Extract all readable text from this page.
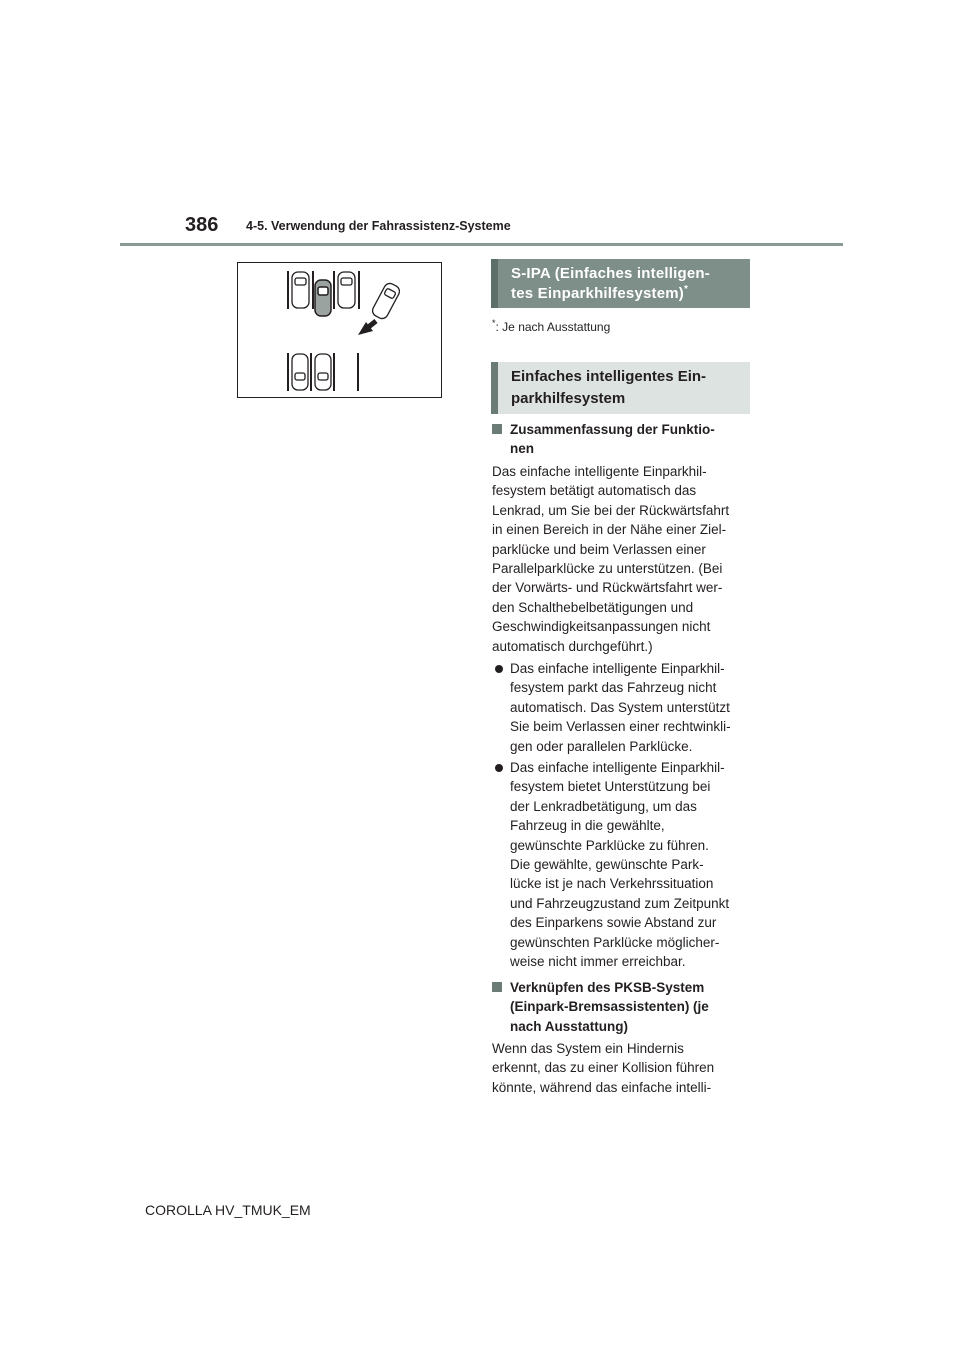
386 4-5. Verwendung der Fahrassistenz-Systeme
S-IPA (Einfaches intelligen-
tes Einparkhilfesystem)*
*: Je nach Ausstattung
Einfaches intelligentes Ein-
parkhilfesystem
Zusammenfassung der Funktio-
nen

Das einfache intelligente Einparkhil-
fesystem betätigt automatisch das
Lenkrad, um Sie bei der Rückwärtsfahrt
in einen Bereich in der Nähe einer Ziel-
parklücke und beim Verlassen einer
Parallelparklücke zu unterstützen. (Bei
der Vorwärts- und Rückwärtsfahrt wer-
den Schalthebelbetätigungen und
Geschwindigkeitsanpassungen nicht
automatisch durchgeführt.)

Das einfache intelligente Einparkhil-
fesystem parkt das Fahrzeug nicht
automatisch. Das System unterstützt
Sie beim Verlassen einer rechtwinkli-
gen oder parallelen Parklücke.
Das einfache intelligente Einparkhil-
fesystem bietet Unterstützung bei
der Lenkradbetätigung, um das
Fahrzeug in die gewählte,
gewünschte Parklücke zu führen.
Die gewählte, gewünschte Park-
lücke ist je nach Verkehrssituation
und Fahrzeugzustand zum Zeitpunkt
des Einparkens sowie Abstand zur
gewünschten Parklücke möglicher-
weise nicht immer erreichbar.
Verknüpfen des PKSB-System
(Einpark-Bremsassistenten) (je
nach Ausstattung)

Wenn das System ein Hindernis
erkennt, das zu einer Kollision führen
könnte, während das einfache intelli-

COROLLA HV_TMUK_EM
